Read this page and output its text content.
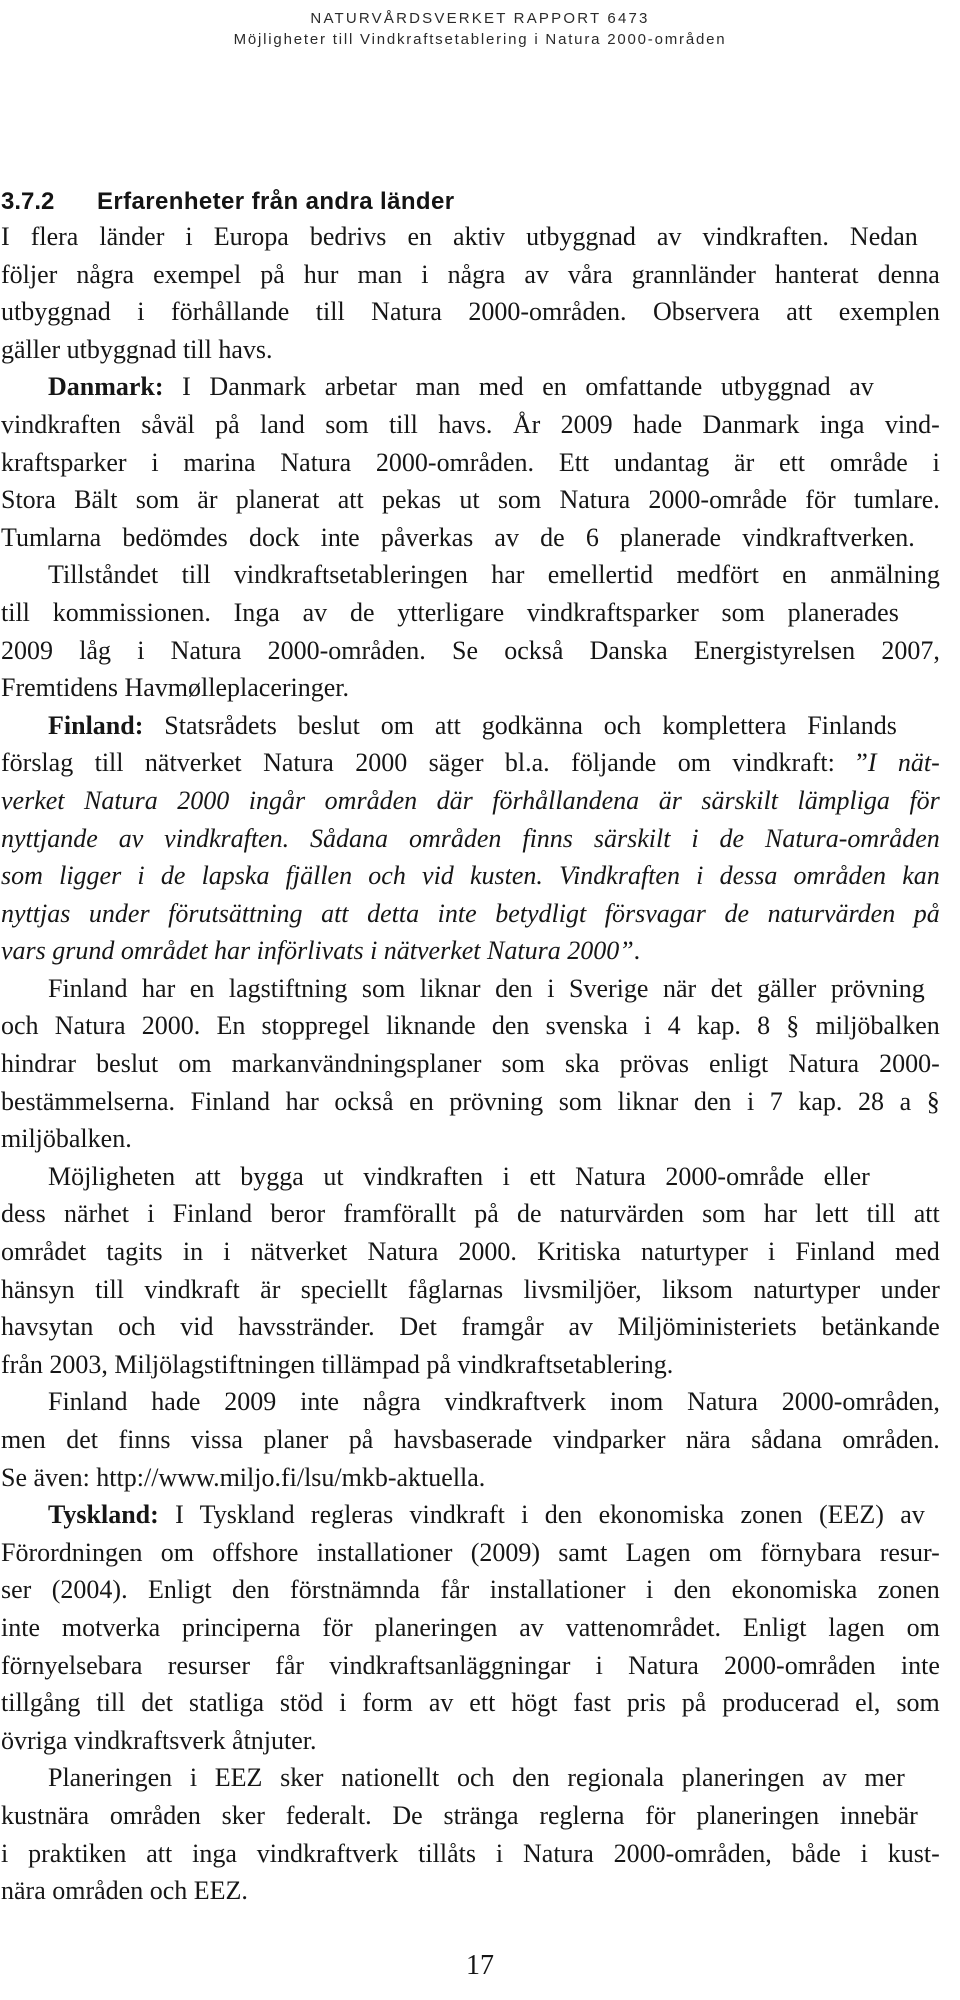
NATURVÅRDSVERKET RAPPORT 6473
Möjligheter till Vindkraftsetablering i Natura 2000-områden
3.7.2 Erfarenheter från andra länder
I flera länder i Europa bedrivs en aktiv utbyggnad av vindkraften. Nedan
följer några exempel på hur man i några av våra grannländer hanterat denna
utbyggnad i förhållande till Natura 2000-områden. Observera att exemplen
gäller utbyggnad till havs.
Danmark: I Danmark arbetar man med en omfattande utbyggnad av
vindkraften såväl på land som till havs. År 2009 hade Danmark inga vind-
kraftsparker i marina Natura 2000-områden. Ett undantag är ett område i
Stora Bält som är planerat att pekas ut som Natura 2000-område för tumlare.
Tumlarna bedömdes dock inte påverkas av de 6 planerade vindkraftverken.
Tillståndet till vindkraftsetableringen har emellertid medfört en anmälning
till kommissionen. Inga av de ytterligare vindkraftsparker som planerades
2009 låg i Natura 2000-områden. Se också Danska Energistyrelsen 2007,
Fremtidens Havmølleplaceringer.
Finland: Statsrådets beslut om att godkänna och komplettera Finlands
förslag till nätverket Natura 2000 säger bl.a. följande om vindkraft: ”I nät-
verket Natura 2000 ingår områden där förhållandena är särskilt lämpliga för
nyttjande av vindkraften. Sådana områden finns särskilt i de Natura-områden
som ligger i de lapska fjällen och vid kusten. Vindkraften i dessa områden kan
nyttjas under förutsättning att detta inte betydligt försvagar de naturvärden på
vars grund området har införlivats i nätverket Natura 2000”.
Finland har en lagstiftning som liknar den i Sverige när det gäller prövning
och Natura 2000. En stoppregel liknande den svenska i 4 kap. 8 § miljöbalken
hindrar beslut om markanvändningsplaner som ska prövas enligt Natura 2000-
bestämmelserna. Finland har också en prövning som liknar den i 7 kap. 28 a §
miljöbalken.
Möjligheten att bygga ut vindkraften i ett Natura 2000-område eller
dess närhet i Finland beror framförallt på de naturvärden som har lett till att
området tagits in i nätverket Natura 2000. Kritiska naturtyper i Finland med
hänsyn till vindkraft är speciellt fåglarnas livsmiljöer, liksom naturtyper under
havsytan och vid havsstränder. Det framgår av Miljöministeriets betänkande
från 2003, Miljölagstiftningen tillämpad på vindkraftsetablering.
Finland hade 2009 inte några vindkraftverk inom Natura 2000-områden,
men det finns vissa planer på havsbaserade vindparker nära sådana områden.
Se även: http://www.miljo.fi/lsu/mkb-aktuella.
Tyskland: I Tyskland regleras vindkraft i den ekonomiska zonen (EEZ) av
Förordningen om offshore installationer (2009) samt Lagen om förnybara resur-
ser (2004). Enligt den förstnämnda får installationer i den ekonomiska zonen
inte motverka principerna för planeringen av vattenområdet. Enligt lagen om
förnyelsebara resurser får vindkraftsanläggningar i Natura 2000-områden inte
tillgång till det statliga stöd i form av ett högt fast pris på producerad el, som
övriga vindkraftsverk åtnjuter.
Planeringen i EEZ sker nationellt och den regionala planeringen av mer
kustnära områden sker federalt. De stränga reglerna för planeringen innebär
i praktiken att inga vindkraftverk tillåts i Natura 2000-områden, både i kust-
nära områden och EEZ.
17
